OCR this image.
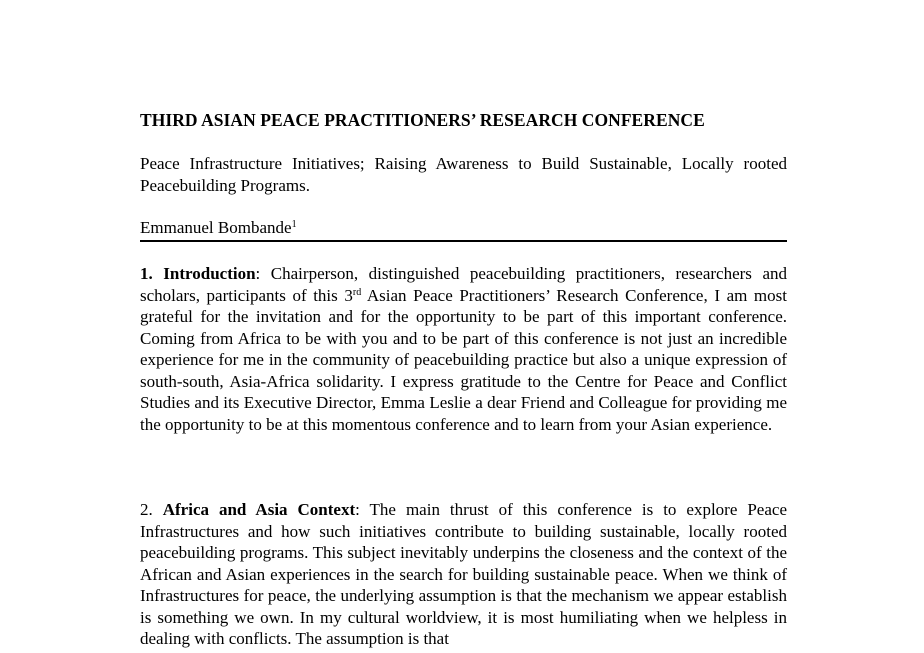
THIRD ASIAN PEACE PRACTITIONERS’ RESEARCH CONFERENCE

Peace Infrastructure Initiatives; Raising Awareness to Build Sustainable, Locally rooted Peacebuilding Programs.

Emmanuel Bombande$^1$

1. Introduction: Chairperson, distinguished peacebuilding practitioners, researchers and scholars, participants of this 3rd Asian Peace Practitioners’ Research Conference, I am most grateful for the invitation and for the opportunity to be part of this important conference. Coming from Africa to be with you and to be part of this conference is not just an incredible experience for me in the community of peacebuilding practice but also a unique expression of south-south, Asia-Africa solidarity. I express gratitude to the Centre for Peace and Conflict Studies and its Executive Director, Emma Leslie a dear Friend and Colleague for providing me the opportunity to be at this momentous conference and to learn from your Asian experience.

2. Africa and Asia Context: The main thrust of this conference is to explore Peace Infrastructures and how such initiatives contribute to building sustainable, locally rooted peacebuilding programs. This subject inevitably underpins the closeness and the context of the African and Asian experiences in the search for building sustainable peace. When we think of Infrastructures for peace, the underlying assumption is that the mechanism we appear establish is something we own. In my cultural worldview, it is most humiliating when we helpless in dealing with conflicts. The assumption is that
